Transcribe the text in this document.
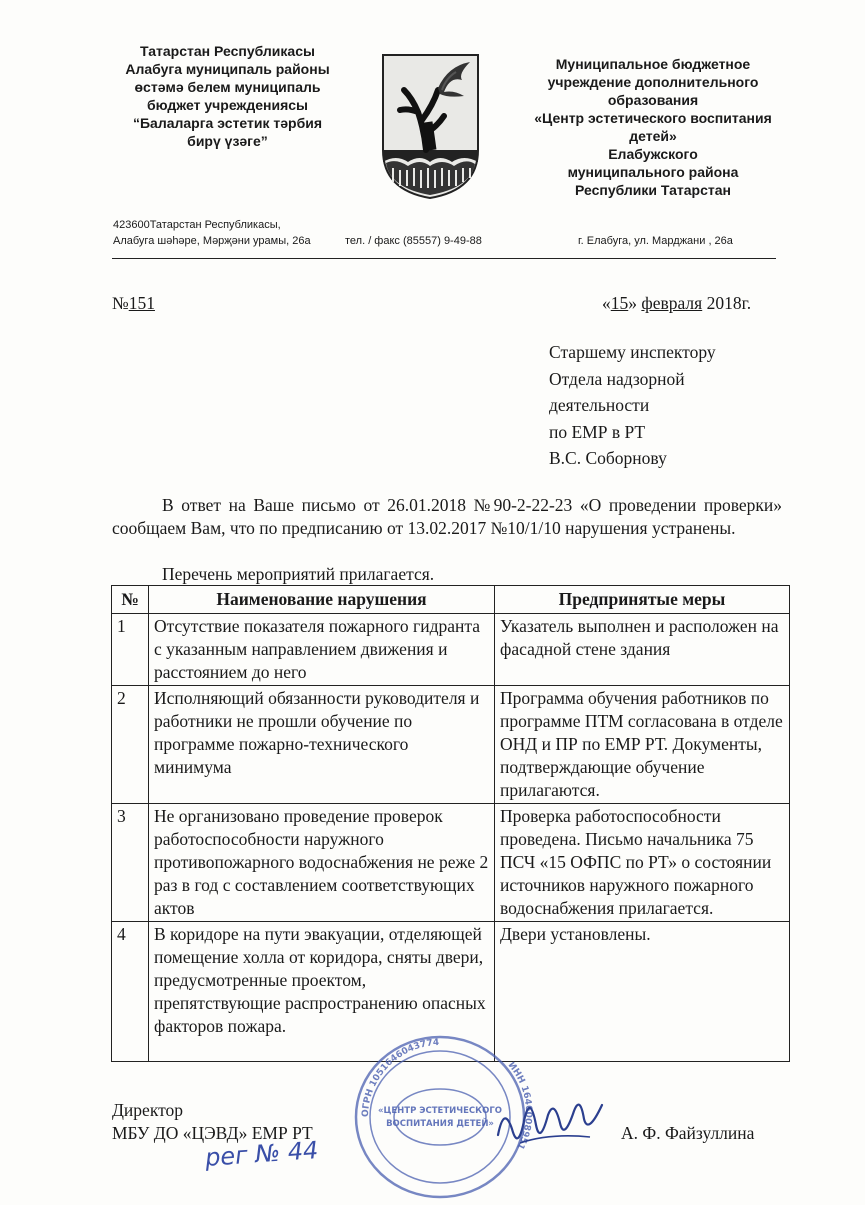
Татарстан Республикасы
Алабуга муниципаль районы
өстәмә белем муниципаль
бюджет учреждениясы
“Балаларга эстетик тәрбия
бирү үзәге”
Муниципальное бюджетное
учреждение дополнительного
образования
«Центр эстетического воспитания
детей»
Елабужского
муниципального района
Республики Татарстан
423600Татарстан Республикасы,
Алабуга шәһәре, Мәрҗәни урамы, 26а	тел. / факс (85557) 9-49-88	г. Елабуга, ул. Марджани , 26а
№151	«15» февраля 2018г.
Старшему инспектору
Отдела надзорной
деятельности
по ЕМР в РТ
В.С. Соборнову
В ответ на Ваше письмо от 26.01.2018 №90-2-22-23 «О проведении проверки» сообщаем Вам, что по предписанию от 13.02.2017 №10/1/10 нарушения устранены.
Перечень мероприятий прилагается.
№	Наименование нарушения	Предпринятые меры
1	Отсутствие показателя пожарного гидранта с указанным направлением движения и расстоянием до него	Указатель выполнен и расположен на фасадной стене здания
2	Исполняющий обязанности руководителя и работники не прошли обучение по программе пожарно-технического минимума	Программа обучения работников по программе ПТМ согласована в отделе ОНД и ПР по ЕМР РТ. Документы, подтверждающие обучение прилагаются.
3	Не организовано проведение проверок работоспособности наружного противопожарного водоснабжения не реже 2 раз в год с составлением соответствующих актов	Проверка работоспособности проведена. Письмо начальника 75 ПСЧ «15 ОФПС по РТ» о состоянии источников наружного пожарного водоснабжения прилагается.
4	В коридоре на пути эвакуации, отделяющей помещение холла от коридора, сняты двери, предусмотренные проектом, препятствующие распространению опасных факторов пожара.	Двери установлены.
Директор
МБУ ДО «ЦЭВД» ЕМР РТ	А. Ф. Файзуллина
ОГРН 1051646043774
ИНН 1646008951
«ЦЕНТР ЭСТЕТИЧЕСКОГО
ВОСПИТАНИЯ ДЕТЕЙ»
рег № 44
